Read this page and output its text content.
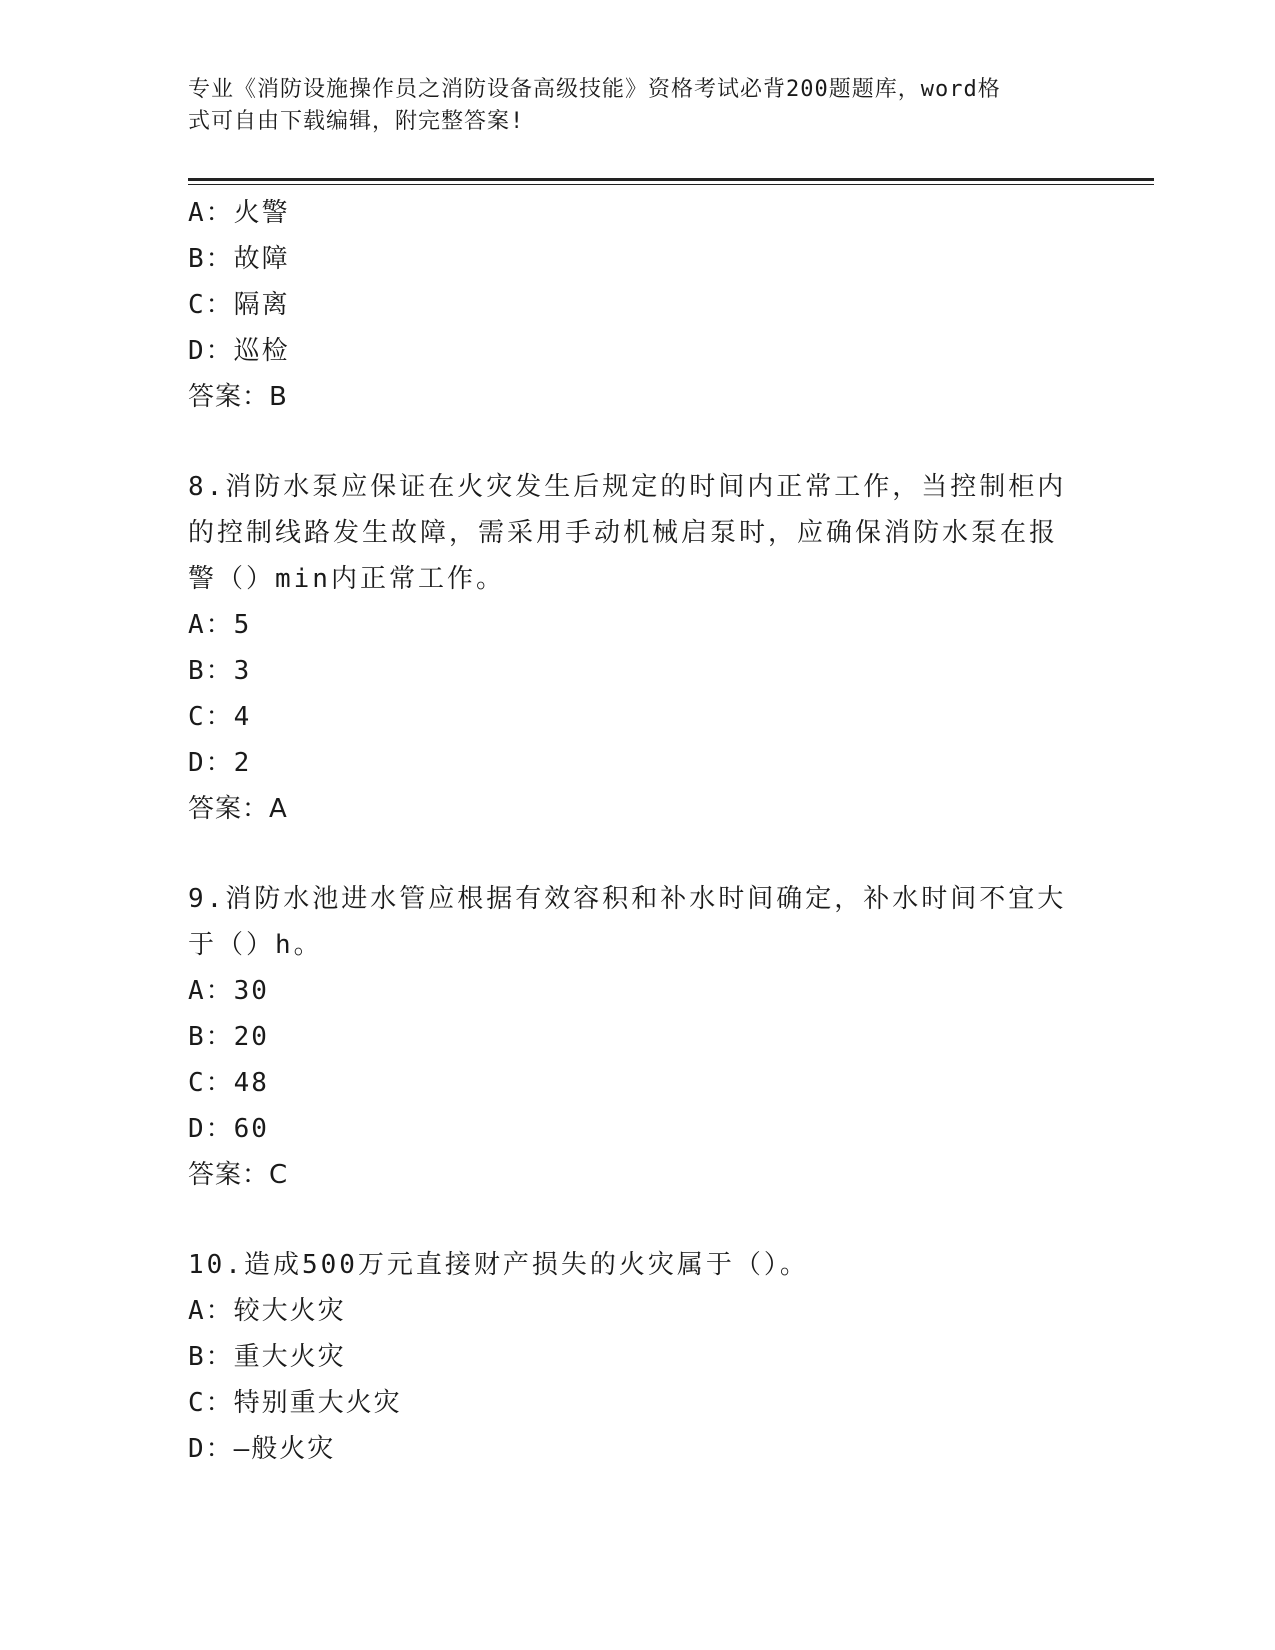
专业《消防设施操作员之消防设备高级技能》资格考试必背200题题库，word格
式可自由下载编辑，附完整答案!
A：火警
B：故障
C：隔离
D：巡检
答案：B
8.消防水泵应保证在火灾发生后规定的时间内正常工作，当控制柜内
的控制线路发生故障，需采用手动机械启泵时，应确保消防水泵在报
警（）min内正常工作。
A：5
B：3
C：4
D：2
答案：A
9.消防水池进水管应根据有效容积和补水时间确定，补水时间不宜大
于（）h。
A：30
B：20
C：48
D：60
答案：C
10.造成500万元直接财产损失的火灾属于（）。
A：较大火灾
B：重大火灾
C：特别重大火灾
D：—般火灾
